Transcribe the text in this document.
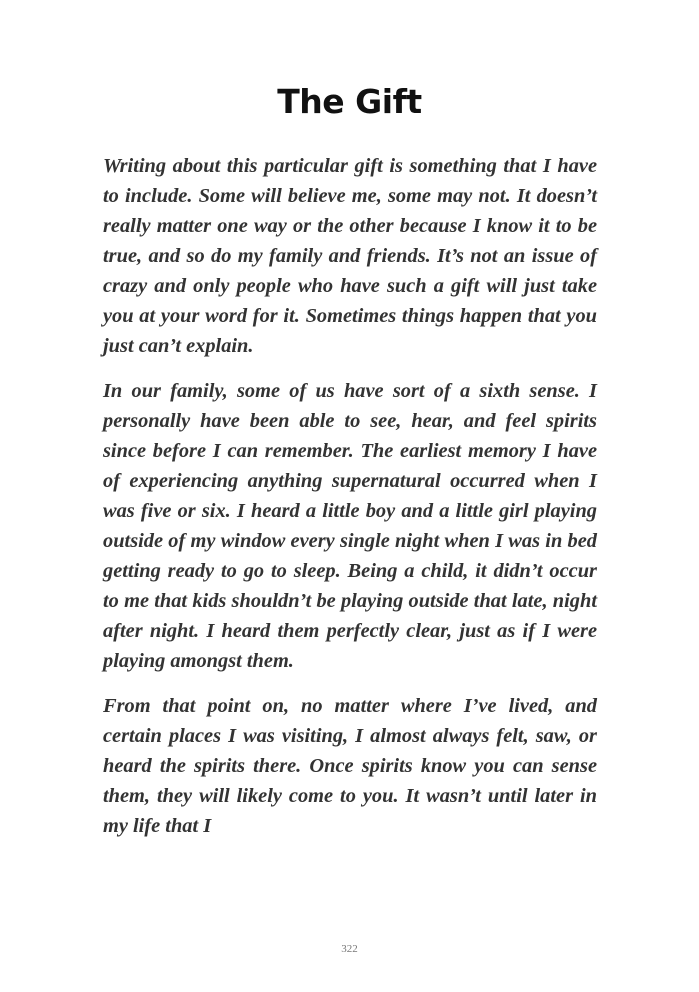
The Gift

Writing about this particular gift is something that I have to include. Some will believe me, some may not. It doesn’t really matter one way or the other because I know it to be true, and so do my family and friends. It’s not an issue of crazy and only people who have such a gift will just take you at your word for it. Sometimes things happen that you just can’t explain.

In our family, some of us have sort of a sixth sense. I personally have been able to see, hear, and feel spirits since before I can remember. The earliest memory I have of experiencing anything supernatural occurred when I was five or six. I heard a little boy and a little girl playing outside of my window every single night when I was in bed getting ready to go to sleep. Being a child, it didn’t occur to me that kids shouldn’t be playing outside that late, night after night. I heard them perfectly clear, just as if I were playing amongst them.

From that point on, no matter where I’ve lived, and certain places I was visiting, I almost always felt, saw, or heard the spirits there. Once spirits know you can sense them, they will likely come to you. It wasn’t until later in my life that I

322
